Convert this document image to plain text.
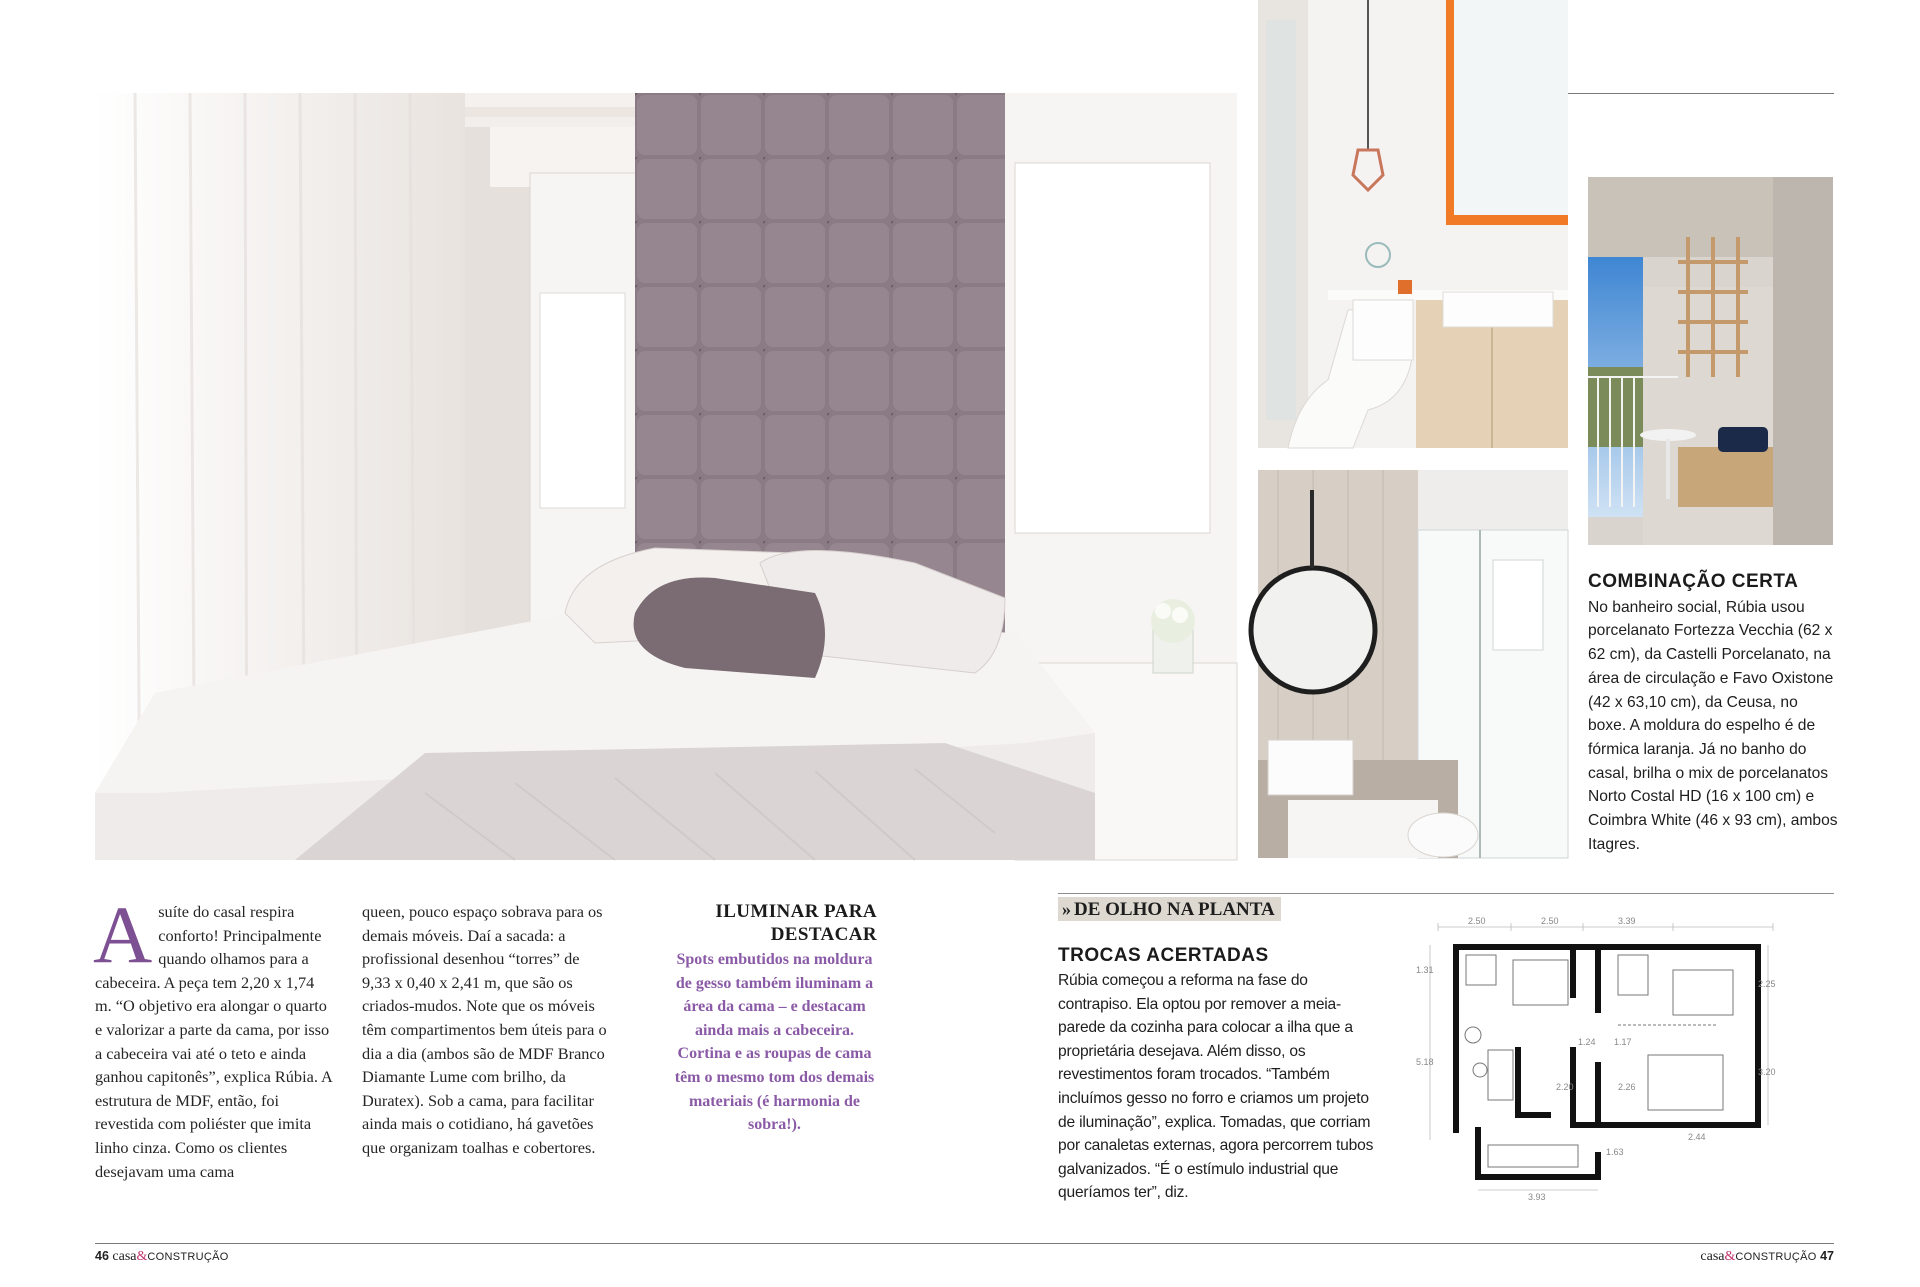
COMBINAÇÃO CERTA
No banheiro social, Rúbia usou porcelanato Fortezza Vecchia (62 x 62 cm), da Castelli Porcelanato, na área de circulação e Favo Oxistone (42 x 63,10 cm), da Ceusa, no boxe. A moldura do espelho é de fórmica laranja. Já no banho do casal, brilha o mix de porcelanatos Norto Costal HD (16 x 100 cm) e Coimbra White (46 x 93 cm), ambos Itagres.
A suíte do casal respira conforto! Principalmente quando olhamos para a cabeceira. A peça tem 2,20 x 1,74 m. “O objetivo era alongar o quarto e valorizar a parte da cama, por isso a cabeceira vai até o teto e ainda ganhou capitonês”, explica Rúbia. A estrutura de MDF, então, foi revestida com poliéster que imita linho cinza. Como os clientes desejavam uma cama
queen, pouco espaço sobrava para os demais móveis. Daí a sacada: a profissional desenhou “torres” de 9,33 x 0,40 x 2,41 m, que são os criados-mudos. Note que os móveis têm compartimentos bem úteis para o dia a dia (ambos são de MDF Branco Diamante Lume com brilho, da Duratex). Sob a cama, para facilitar ainda mais o cotidiano, há gavetões que organizam toalhas e cobertores.
ILUMINAR PARA DESTACAR

Spots embutidos na moldura de gesso também iluminam a área da cama – e destacam ainda mais a cabeceira. Cortina e as roupas de cama têm o mesmo tom dos demais materiais (é harmonia de sobra!).

» DE OLHO NA PLANTA
TROCAS ACERTADAS

Rúbia começou a reforma na fase do contrapiso. Ela optou por remover a meia-parede da cozinha para colocar a ilha que a proprietária desejava. Além disso, os revestimentos foram trocados. “Também incluímos gesso no forro e criamos um projeto de iluminação”, explica. Tomadas, que corriam por canaletas externas, agora percorrem tubos galvanizados. “É o estímulo industrial que queríamos ter”, diz.

2.50	2.50	3.39
1.31
2.25
5.18
3.20
1.24 1.17
2.20	2.26
2.44
1.63
3.93
46 casa&CONSTRUÇÃO	casa&CONSTRUÇÃO 47
